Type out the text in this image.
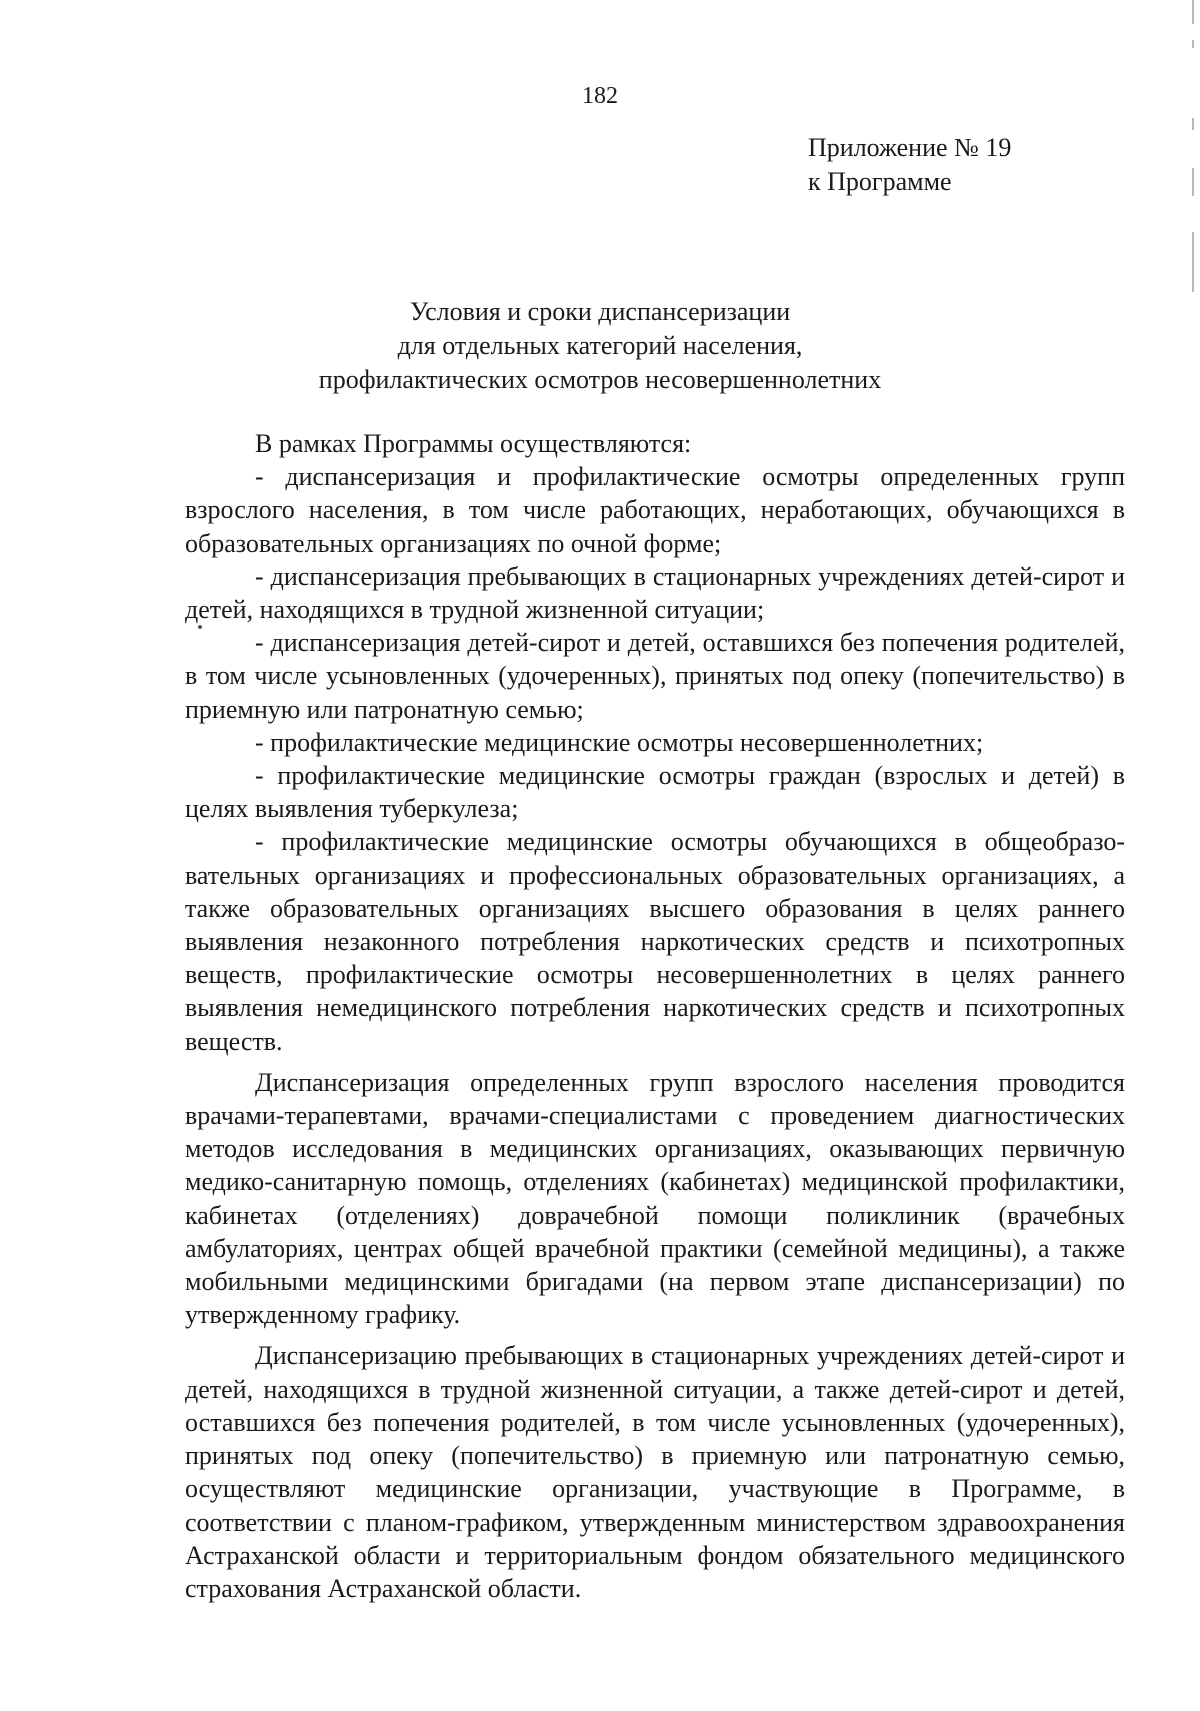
182
Приложение № 19
к Программе
Условия и сроки диспансеризации
для отдельных категорий населения,
профилактических осмотров несовершеннолетних

В рамках Программы осуществляются:

- диспансеризация и профилактические осмотры определенных групп взрослого населения, в том числе работающих, неработающих, обучающихся в образовательных организациях по очной форме;

- диспансеризация пребывающих в стационарных учреждениях детей-сирот и детей, находящихся в трудной жизненной ситуации;

- диспансеризация детей-сирот и детей, оставшихся без попечения родителей, в том числе усыновленных (удочеренных), принятых под опеку (попечительство) в приемную или патронатную семью;

- профилактические медицинские осмотры несовершеннолетних;

- профилактические медицинские осмотры граждан (взрослых и детей) в целях выявления туберкулеза;

- профилактические медицинские осмотры обучающихся в общеобразовательных организациях и профессиональных образовательных организациях, а также образовательных организациях высшего образования в целях раннего выявления незаконного потребления наркотических средств и психотропных веществ, профилактические осмотры несовершеннолетних в целях раннего выявления немедицинского потребления наркотических средств и психотропных веществ.

Диспансеризация определенных групп взрослого населения проводится врачами-терапевтами, врачами-специалистами с проведением диагностических методов исследования в медицинских организациях, оказывающих первичную медико-санитарную помощь, отделениях (кабинетах) медицинской профилактики, кабинетах (отделениях) доврачебной помощи поликлиник (врачебных амбулаториях, центрах общей врачебной практики (семейной медицины), а также мобильными медицинскими бригадами (на первом этапе диспансеризации) по утвержденному графику.

Диспансеризацию пребывающих в стационарных учреждениях детей-сирот и детей, находящихся в трудной жизненной ситуации, а также детей-сирот и детей, оставшихся без попечения родителей, в том числе усыновленных (удочеренных), принятых под опеку (попечительство) в приемную или патронатную семью, осуществляют медицинские организации, участвующие в Программе, в соответствии с планом-графиком, утвержденным министерством здравоохранения Астраханской области и территориальным фондом обязательного медицинского страхования Астраханской области.
